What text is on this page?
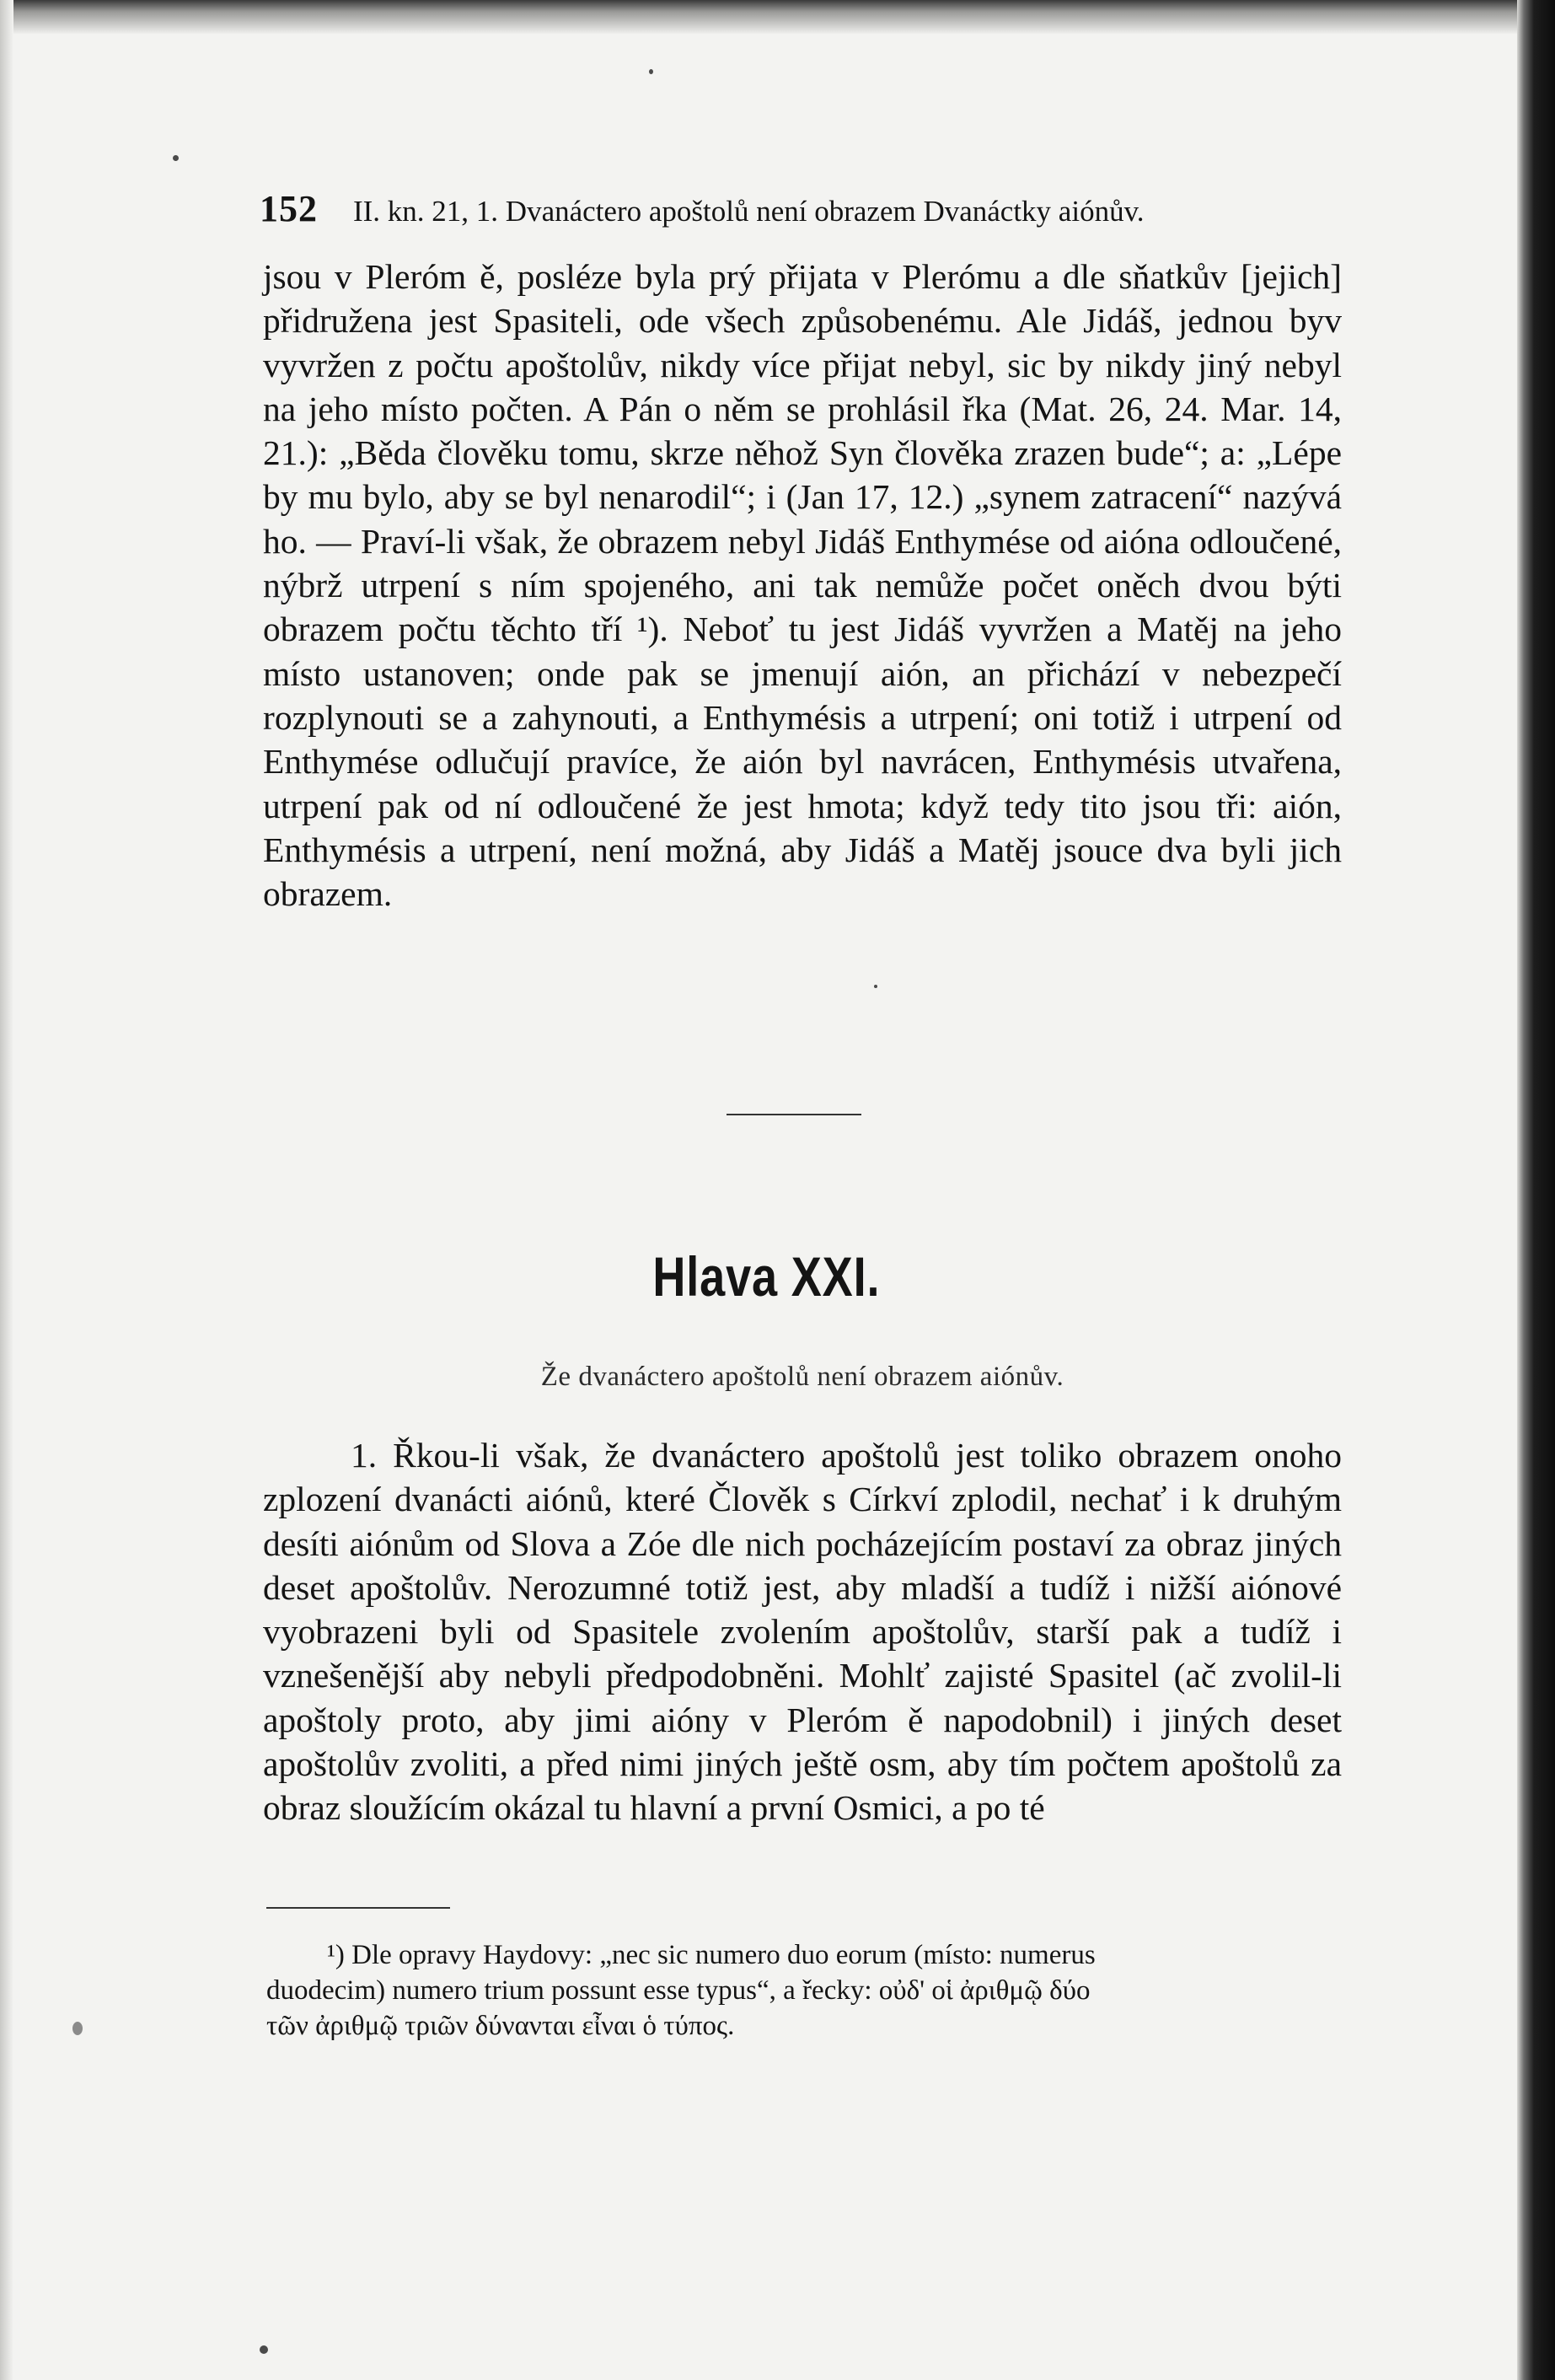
152 II. kn. 21, 1. Dvanáctero apoštolů není obrazem Dvanáctky aiónův.

jsou v Pleróm ě, posléze byla prý přijata v Plerómu a dle sňatkův [jejich] přidružena jest Spasiteli, ode všech způsobenému. Ale Jidáš, jednou byv vyvržen z počtu apoštolův, nikdy více přijat nebyl, sic by nikdy jiný nebyl na jeho místo počten. A Pán o něm se prohlásil řka (Mat. 26, 24. Mar. 14, 21.): „Běda člověku tomu, skrze něhož Syn člověka zrazen bude“; a: „Lépe by mu bylo, aby se byl nenarodil“; i (Jan 17, 12.) „synem zatracení“ nazývá ho. — Praví-li však, že obrazem nebyl Jidáš Enthymése od aióna odloučené, nýbrž utrpení s ním spojeného, ani tak nemůže počet oněch dvou býti obrazem počtu těchto tří ¹). Neboť tu jest Jidáš vyvržen a Matěj na jeho místo ustanoven; onde pak se jmenují aión, an přichází v nebezpečí rozplynouti se a zahynouti, a Enthymésis a utrpení; oni totiž i utrpení od Enthymése odlučují pravíce, že aión byl navrácen, Enthymésis utvařena, utrpení pak od ní odloučené že jest hmota; když tedy tito jsou tři: aión, Enthymésis a utrpení, není možná, aby Jidáš a Matěj jsouce dva byli jich obrazem.

Hlava XXI.
Že dvanáctero apoštolů není obrazem aiónův.

1. Řkou-li však, že dvanáctero apoštolů jest toliko obrazem onoho zplození dvanácti aiónů, které Člověk s Církví zplodil, nechať i k druhým desíti aiónům od Slova a Zóe dle nich pocházejícím postaví za obraz jiných deset apoštolův. Nerozumné totiž jest, aby mladší a tudíž i nižší aiónové vyobrazeni byli od Spasitele zvolením apoštolův, starší pak a tudíž i vznešenější aby nebyli předpodobněni. Mohlť zajisté Spasitel (ač zvolil-li apoštoly proto, aby jimi aióny v Pleróm ě napodobnil) i jiných deset apoštolův zvoliti, a před nimi jiných ještě osm, aby tím počtem apoštolů za obraz sloužícím okázal tu hlavní a první Osmici, a po té

¹) Dle opravy Haydovy: „nec sic numero duo eorum (místo: numerus
duodecim) numero trium possunt esse typus“, a řecky: οὐδ' οἱ ἀριθμῷ δύο
τῶν ἀριθμῷ τριῶν δύνανται εἶναι ὁ τύπος.
